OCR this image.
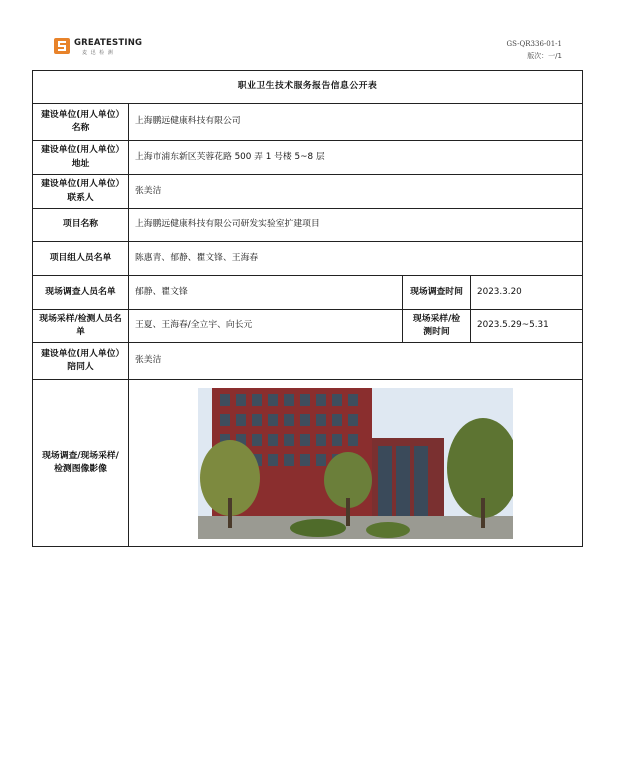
GREATESTING
麦 迅 检 测
GS-QR336-01-1
版次：一/1
职业卫生技术服务报告信息公开表			
建设单位(用人单位）名称	上海鹏远健康科技有限公司		
建设单位(用人单位）地址	上海市浦东新区芙蓉花路 500 弄 1 号楼 5~8 层		
建设单位(用人单位）联系人	张美洁		
项目名称	上海鹏远健康科技有限公司研发实验室扩建项目		
项目组人员名单	陈惠青、郁静、瞿文锋、王海春		
现场调查人员名单	郁静、瞿文锋	现场调查时间	2023.3.20
现场采样/检测人员名单	王夏、王海春/全立宇、向长元	现场采样/检测时间	2023.5.29~5.31
建设单位(用人单位）陪同人	张美洁		
现场调查/现场采样/检测图像影像	
